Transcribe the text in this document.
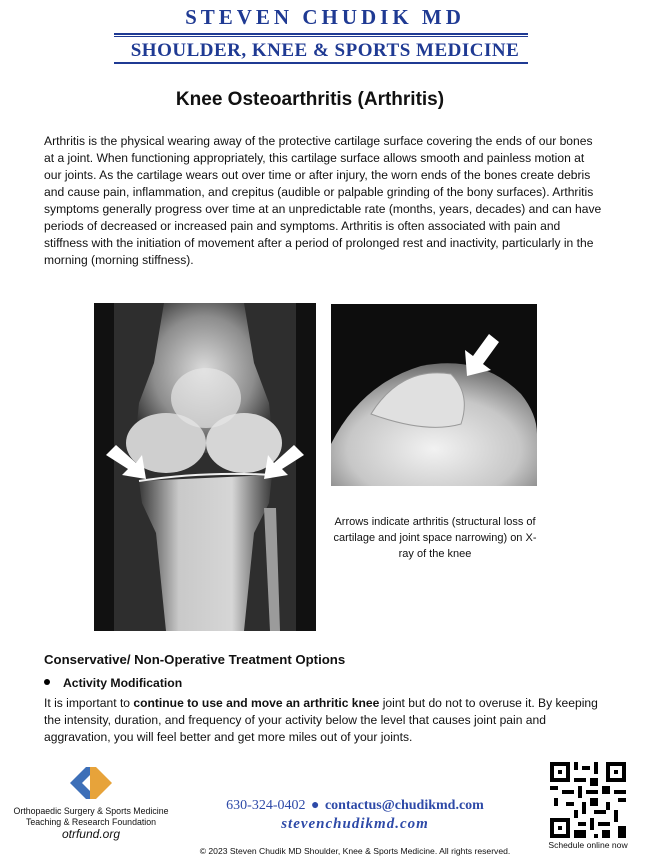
STEVEN CHUDIK MD
SHOULDER, KNEE & SPORTS MEDICINE
Knee Osteoarthritis (Arthritis)

Arthritis is the physical wearing away of the protective cartilage surface covering the ends of our bones at a joint. When functioning appropriately, this cartilage surface allows smooth and painless motion at our joints. As the cartilage wears out over time or after injury, the worn ends of the bones create debris and cause pain, inflammation, and crepitus (audible or palpable grinding of the bony surfaces). Arthritis symptoms generally progress over time at an unpredictable rate (months, years, decades) and can have periods of decreased or increased pain and symptoms. Arthritis is often associated with pain and stiffness with the initiation of movement after a period of prolonged rest and inactivity, particularly in the morning (morning stiffness).

Arrows indicate arthritis (structural loss of cartilage and joint space narrowing) on X-ray of the knee
Conservative/ Non-Operative Treatment Options
Activity Modification

It is important to continue to use and move an arthritic knee joint but do not to overuse it. By keeping the intensity, duration, and frequency of your activity below the level that causes joint pain and aggravation, you will feel better and get more miles out of your joints.

Orthopaedic Surgery & Sports Medicine Teaching & Research Foundation
otrfund.org
630-324-0402 ● contactus@chudikmd.com
stevenchudikmd.com
© 2023 Steven Chudik MD Shoulder, Knee & Sports Medicine. All rights reserved.
Schedule online now
